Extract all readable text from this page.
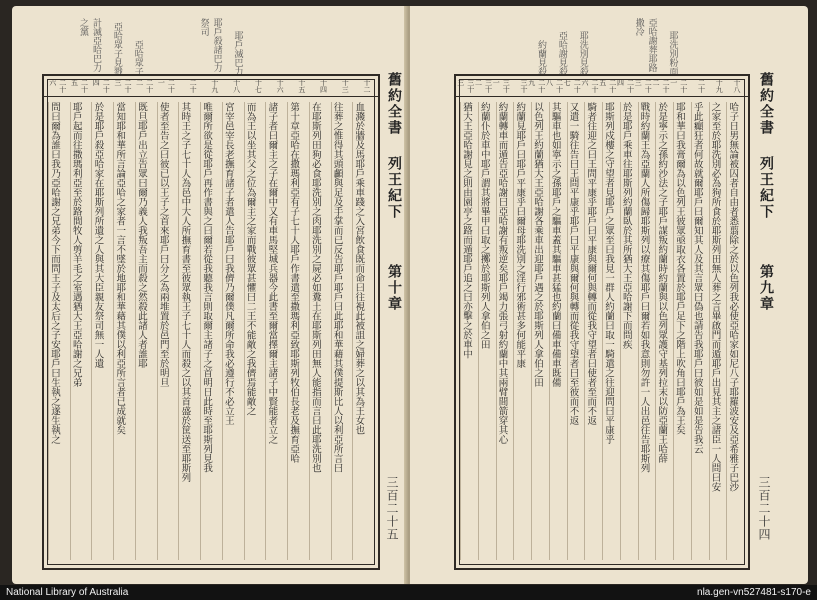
計滅亞哈巴力之黨	亞哈眾子見戮 亞哈眾子	耶戶殺諸巴力祭司 耶戶滅巴力
十二
十三
十四
十五
十六
十七
十八
十九
二十
二十一
二十二
二十三
二十四
二十五
二十六

血濺於牆及馬耶戶乘車踐之入宮飲食既而命曰往視此被詛之婦葬之以其為王女也

往葬之惟得其頭顱與足及手掌而已反告耶戶耶戶曰此耶和華藉其僕提斯比人以利亞所言曰

在耶斯列田狗必食耶洗別之肉耶洗別之屍必如糞土在耶斯列田無人能指而言曰此耶洗別也

第十章亞哈在撒瑪利亞有子七十人耶戶作書遣至撒瑪利亞致耶斯列牧伯長老及撫育亞哈

諸子者曰爾主之子在爾中又有車馬堅城兵器今此書至爾當擇爾主諸子中賢能者立之

而為王以坐其父之位為爾主之家而戰彼眾甚懼曰二王不能敵之我儕焉能敵之

宮宰邑宰長老撫育諸子者遣人告耶戶曰我儕乃爾僕凡爾所命我必遵行不必立王

唯爾所欲是從耶戶再作書與之曰爾若從我聽我言則取爾主諸子之首明日此時至耶斯列見我

其時王之子七十人為邑中大人所撫育書至彼眾執王子七十人而殺之以其首盛於筐送至耶斯列

使者至告之曰彼已以王子之首來耶戶曰分之為兩堆置於邑門至於明旦

既旦耶戶出立告眾曰爾乃義人我叛吾主而殺之然殺此諸人者誰耶

當知耶和華所言論亞哈之家者一言不墜於地耶和華藉其僕以利亞所言者已成就矣

於是耶戶殺亞哈家在耶斯列所遺之人與其大臣親友祭司無一人遺

耶戶起而往撒瑪利亞至於路間牧人剪羊毛之室遇猶大王亞哈謝之兄弟

問曰爾為誰曰我乃亞哈謝之兄弟今下而問王子及太后之子安耶戶曰生執之遂生執之	舊約全書
列王紀下
第十章
三百二十五
約蘭見殺 亞哈謝見殺 耶洗別見殺	亞哈謝葬耶路撒冷 耶洗別粉面
十八
十九
二十
二十一
二十二
二十三
二十四
二十五
二十六
二十七
二十八
二十九
三十
三十一
三十二
三十三

哈子日男無論被囚者自由者悉翦除之於以色列我必使亞哈家如尼八子耶羅波安及亞希雅子巴沙

之家至於耶洗別必為狗所食於耶斯列田無人葬之言畢啟門而遁耶戶出見其主之諸臣一人問曰安

乎此癲狂者何故就爾耶戶曰爾知其人及其言眾曰偽也請告我耶戶曰彼如是如是告我云

耶和華曰我膏爾為以色列王彼眾亟取衣各置於耶戶足下之階上吹角曰耶戶為王矣

於是寧示之孫約沙法之子耶戶謀叛約蘭時約蘭與以色列眾護守基列拉末以防亞蘭王哈薛

戰時約蘭王為亞蘭人所傷歸耶斯列以療其傷耶戶曰爾若如我意則勿許一人出邑往告耶斯列

於是耶戶乘車往耶斯列約蘭臥於其所猶大王亞哈謝下而問疾

耶斯列戍樓之守望者見耶戶之眾至曰我見一群人約蘭曰取一騎遣之往迎問曰平康乎

騎者往迎之曰王問平康乎耶戶曰平康與爾何與轉而從我守望者曰使者至而不返

又遣一騎往告曰王問平康乎耶戶曰平康與爾何與轉而從我守望者曰至彼而不返

其驅車也如寧示之孫耶戶之驅車蓋其驅車甚猛也約蘭曰備車備車既備

以色列王約蘭猶大王亞哈謝各乘車出迎耶戶遇之於耶斯列人拿伯之田

約蘭見耶戶曰耶戶平康乎曰爾母耶洗別之淫行邪術甚多何能平康

約蘭轉車而遁告亞哈謝曰亞哈謝有叛逆矣耶戶竭力張弓射約蘭中其兩臂間箭穿其心

約蘭仆於車中耶戶謂其將畢甲曰取之擲於耶斯列人拿伯之田

猶大王亞哈謝見之則由園亭之路而遁耶戶追之曰亦擊之於車中	舊約全書
列王紀下
第九章
三百二十四
National Library of Australia	nla.gen-vn527481-s170-e
